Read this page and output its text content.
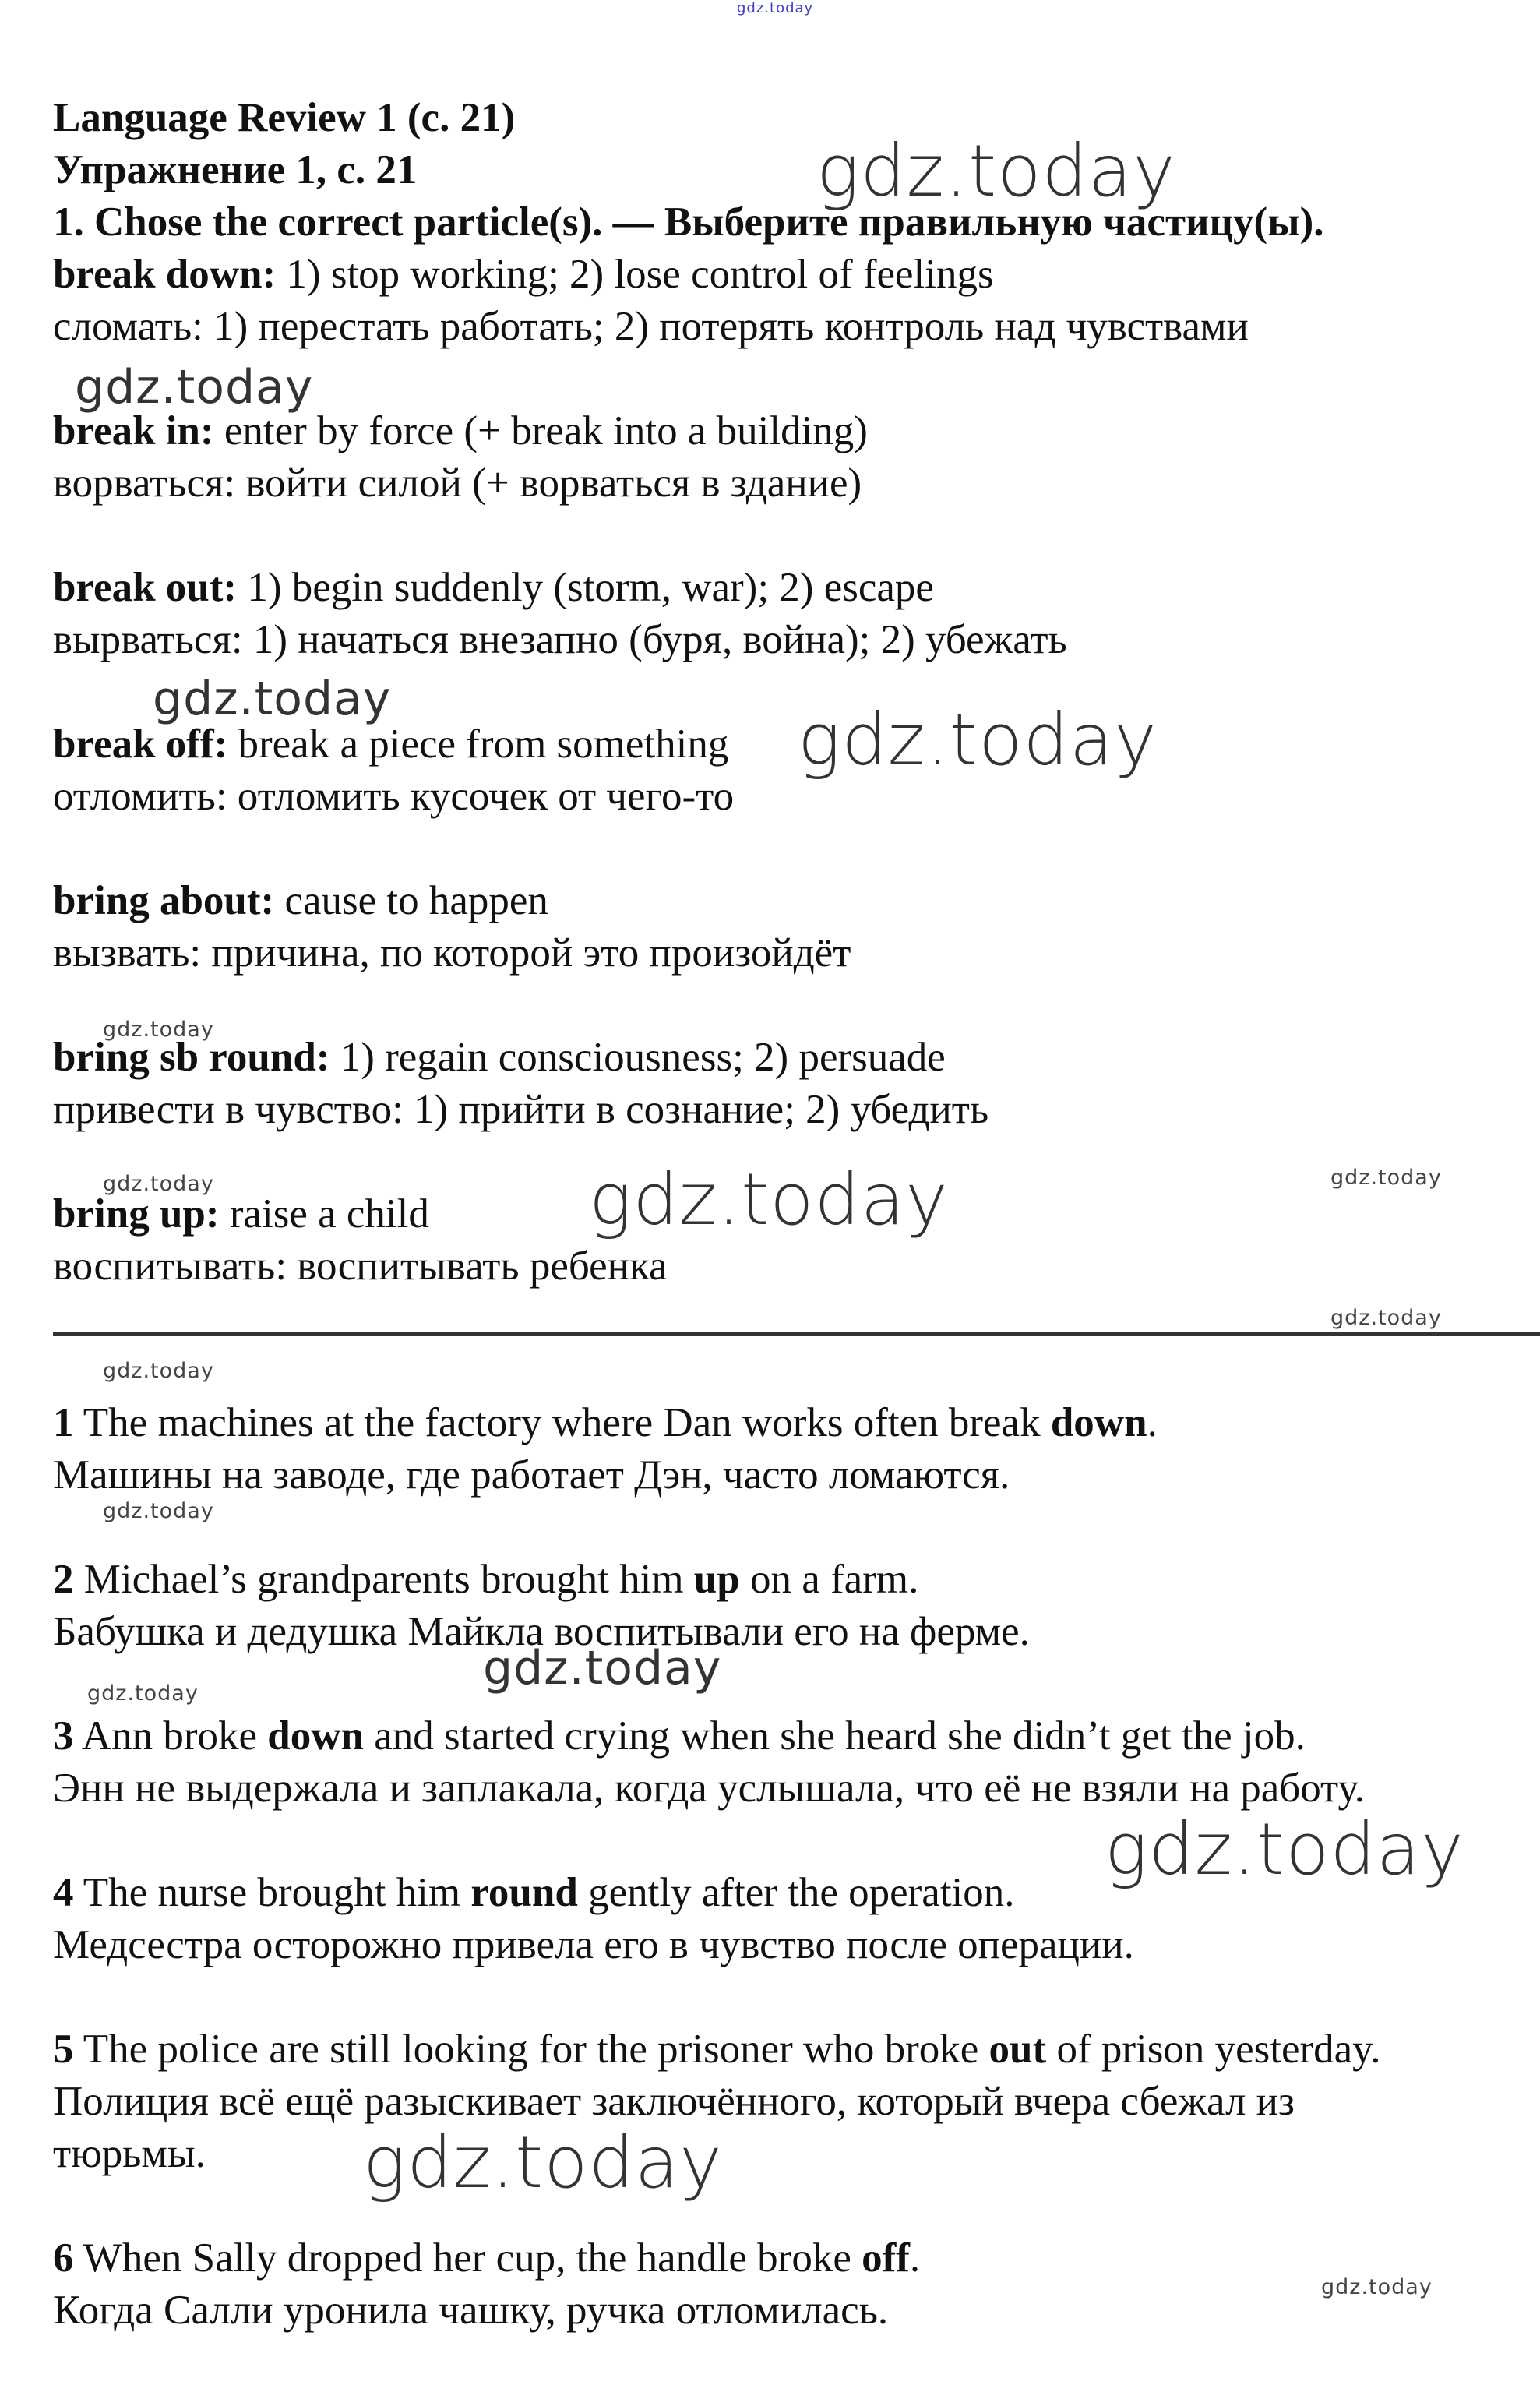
gdz.today
gdz.today
gdz.today
gdz.today	gdz.today
gdz.today
gdz.today	gdz.today	gdz.today
gdz.today
gdz.today
gdz.today
gdz.today
gdz.today
gdz.today
gdz.today
gdz.today
Language Review 1 (с. 21)
Упражнение 1, с. 21
1. Chose the correct particle(s). — Выберите правильную частицу(ы).
break down: 1) stop working; 2) lose control of feelings
сломать: 1) перестать работать; 2) потерять контроль над чувствами
break in: enter by force (+ break into a building)
ворваться: войти силой (+ ворваться в здание)
break out: 1) begin suddenly (storm, war); 2) escape
вырваться: 1) начаться внезапно (буря, война); 2) убежать
break off: break a piece from something
отломить: отломить кусочек от чего-то
bring about: cause to happen
вызвать: причина, по которой это произойдёт
bring sb round: 1) regain consciousness; 2) persuade
привести в чувство: 1) прийти в сознание; 2) убедить
bring up: raise a child
воспитывать: воспитывать ребенка
1 The machines at the factory where Dan works often break down.
Машины на заводе, где работает Дэн, часто ломаются.
2 Michael’s grandparents brought him up on a farm.
Бабушка и дедушка Майкла воспитывали его на ферме.
3 Ann broke down and started crying when she heard she didn’t get the job.
Энн не выдержала и заплакала, когда услышала, что её не взяли на работу.
4 The nurse brought him round gently after the operation.
Медсестра осторожно привела его в чувство после операции.
5 The police are still looking for the prisoner who broke out of prison yesterday.
Полиция всё ещё разыскивает заключённого, который вчера сбежал из
тюрьмы.
6 When Sally dropped her cup, the handle broke off.
Когда Салли уронила чашку, ручка отломилась.
